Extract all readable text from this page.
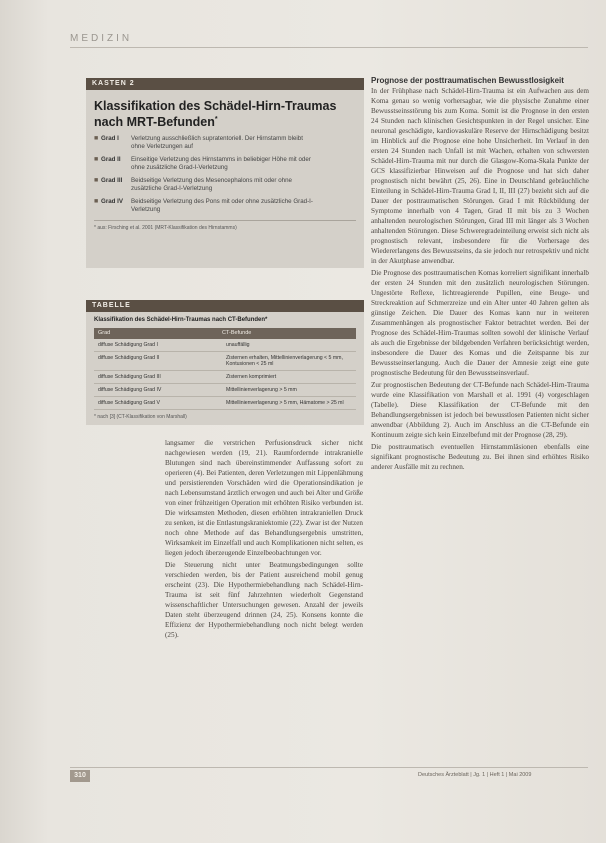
MEDIZIN
KASTEN 2
Klassifikation des Schädel-Hirn-Traumas nach MRT-Befunden*
■ Grad I	Verletzung ausschließlich supratentoriell. Der Hirnstamm bleibt ohne Verletzungen auf
■ Grad II	Einseitige Verletzung des Hirnstamms in beliebiger Höhe mit oder ohne zusätzliche Grad-I-Verletzung
■ Grad III	Beidseitige Verletzung des Mesencephalons mit oder ohne zusätzliche Grad-I-Verletzung
■ Grad IV	Beidseitige Verletzung des Pons mit oder ohne zusätzliche Grad-I-Verletzung
* aus: Firsching et al. 2001 (MRT-Klassifikation des Hirnstamms)
TABELLE
Klassifikation des Schädel-Hirn-Traumas nach CT-Befunden*
Grad	CT-Befunde
diffuse Schädigung Grad I	unauffällig
diffuse Schädigung Grad II	Zisternen erhalten, Mittellinienverlagerung < 5 mm, Kontusionen < 25 ml
diffuse Schädigung Grad III	Zisternen komprimiert
diffuse Schädigung Grad IV	Mittellinienverlagerung > 5 mm
diffuse Schädigung Grad V	Mittellinienverlagerung > 5 mm, Hämatome > 25 ml
* nach [3] (CT-Klassifikation von Marshall)

langsamer die verstrichen Perfusionsdruck sicher nicht nachgewiesen werden (19, 21). Raumfordernde intrakranielle Blutungen sind nach übereinstimmender Auffassung sofort zu operieren (4). Bei Patienten, deren Verletzungen mit Lippenlähmung und persistierenden Vorschäden wird die Operationsindikation je nach Lebensumstand ärztlich erwogen und auch bei Alter und Größe von einer frühzeitigen Operation mit erhöhten Risiko verbunden ist. Die wirksamsten Methoden, diesen erhöhten intrakraniellen Druck zu senken, ist die Entlastungskraniektomie (22). Zwar ist der Nutzen noch ohne Methode auf das Behandlungsergebnis umstritten, Wirksamkeit im Einzelfall und auch Komplikationen nicht selten, es liegen jedoch überzeugende Einzelbeobachtungen vor.

Die Steuerung nicht unter Beatmungsbedingungen sollte verschieden werden, bis der Patient ausreichend mobil genug erscheint (23). Die Hypothermiebehandlung nach Schädel-Hirn-Trauma ist seit fünf Jahrzehnten wiederholt Gegenstand wissenschaftlicher Untersuchungen gewesen. Anzahl der jeweils Daten steht überzeugend drinnen (24, 25). Konsens konnte die Effizienz der Hypothermiebehandlung noch nicht belegt werden (25).

Prognose der posttraumatischen Bewusstlosigkeit

In der Frühphase nach Schädel-Hirn-Trauma ist ein Aufwachen aus dem Koma genau so wenig vorhersagbar, wie die physische Zunahme einer Bewusstseinsstörung bis zum Koma. Somit ist die Prognose in den ersten 24 Stunden nach klinischen Gesichtspunkten in der Regel unsicher. Eine neuronal geschädigte, kardiovaskuläre Reserve der Hirnschädigung besitzt im Hinblick auf die Prognose eine hohe Unsicherheit. Im Verlauf in den ersten 24 Stunden nach Unfall ist mit Wachen, erhalten von schwersten Schädel-Hirn-Trauma mit nur durch die Glasgow-Koma-Skala Punkte der GCS klassifizierbar Hinweisen auf die Prognose und hat sich daher prognostisch nicht bewährt (25, 26). Eine in Deutschland gebräuchliche Einteilung in Schädel-Hirn-Trauma Grad I, II, III (27) bezieht sich auf die Dauer der posttraumatischen Störungen. Grad I mit Rückbildung der Symptome innerhalb von 4 Tagen, Grad II mit bis zu 3 Wochen anhaltenden neurologischen Störungen, Grad III mit länger als 3 Wochen anhaltenden Störungen. Diese Schweregradeinteilung erweist sich nicht als prognostisch relevant, insbesondere für die Vorhersage des Wiedererlangens des Bewusstseins, da sie jedoch nur retrospektiv und nicht in der Akutphase anwendbar.

Die Prognose des posttraumatischen Komas korreliert signifikant innerhalb der ersten 24 Stunden mit den zusätzlich neurologischen Störungen. Ungestörte Reflexe, lichtreagierende Pupillen, eine Beuge- und Streckreaktion auf Schmerzreize und ein Alter unter 40 Jahren gelten als günstige Zeichen. Die Dauer des Komas kann nur in weiteren Zusammenhängen als prognostischer Faktor betrachtet werden. Bei der Prognose des Schädel-Hirn-Traumas sollten sowohl der klinische Verlauf als auch die Ergebnisse der bildgebenden Verfahren berücksichtigt werden, insbesondere die Dauer des Komas und die Zeitspanne bis zur Bewusstseinserlangung. Auch die Dauer der Amnesie zeigt eine gute prognostische Bedeutung für den Bewusstseinsverlauf.

Zur prognostischen Bedeutung der CT-Befunde nach Schädel-Hirn-Trauma wurde eine Klassifikation von Marshall et al. 1991 (4) vorgeschlagen (Tabelle). Diese Klassifikation der CT-Befunde mit den Behandlungsergebnissen ist jedoch bei bewusstlosen Patienten nicht sicher anwendbar (Abbildung 2). Auch im Anschluss an die CT-Befunde ein Kontinuum zeigte sich kein Einzelbefund mit der Prognose (28, 29).

Die posttraumatisch eventuellen Hirnstammläsionen ebenfalls eine signifikant prognostische Bedeutung zu. Bei ihnen sind erhöhtes Risiko anderer Ausfälle mit zu rechnen.

310	Deutsches Ärzteblatt | Jg. 1 | Heft 1 | Mai 2009
